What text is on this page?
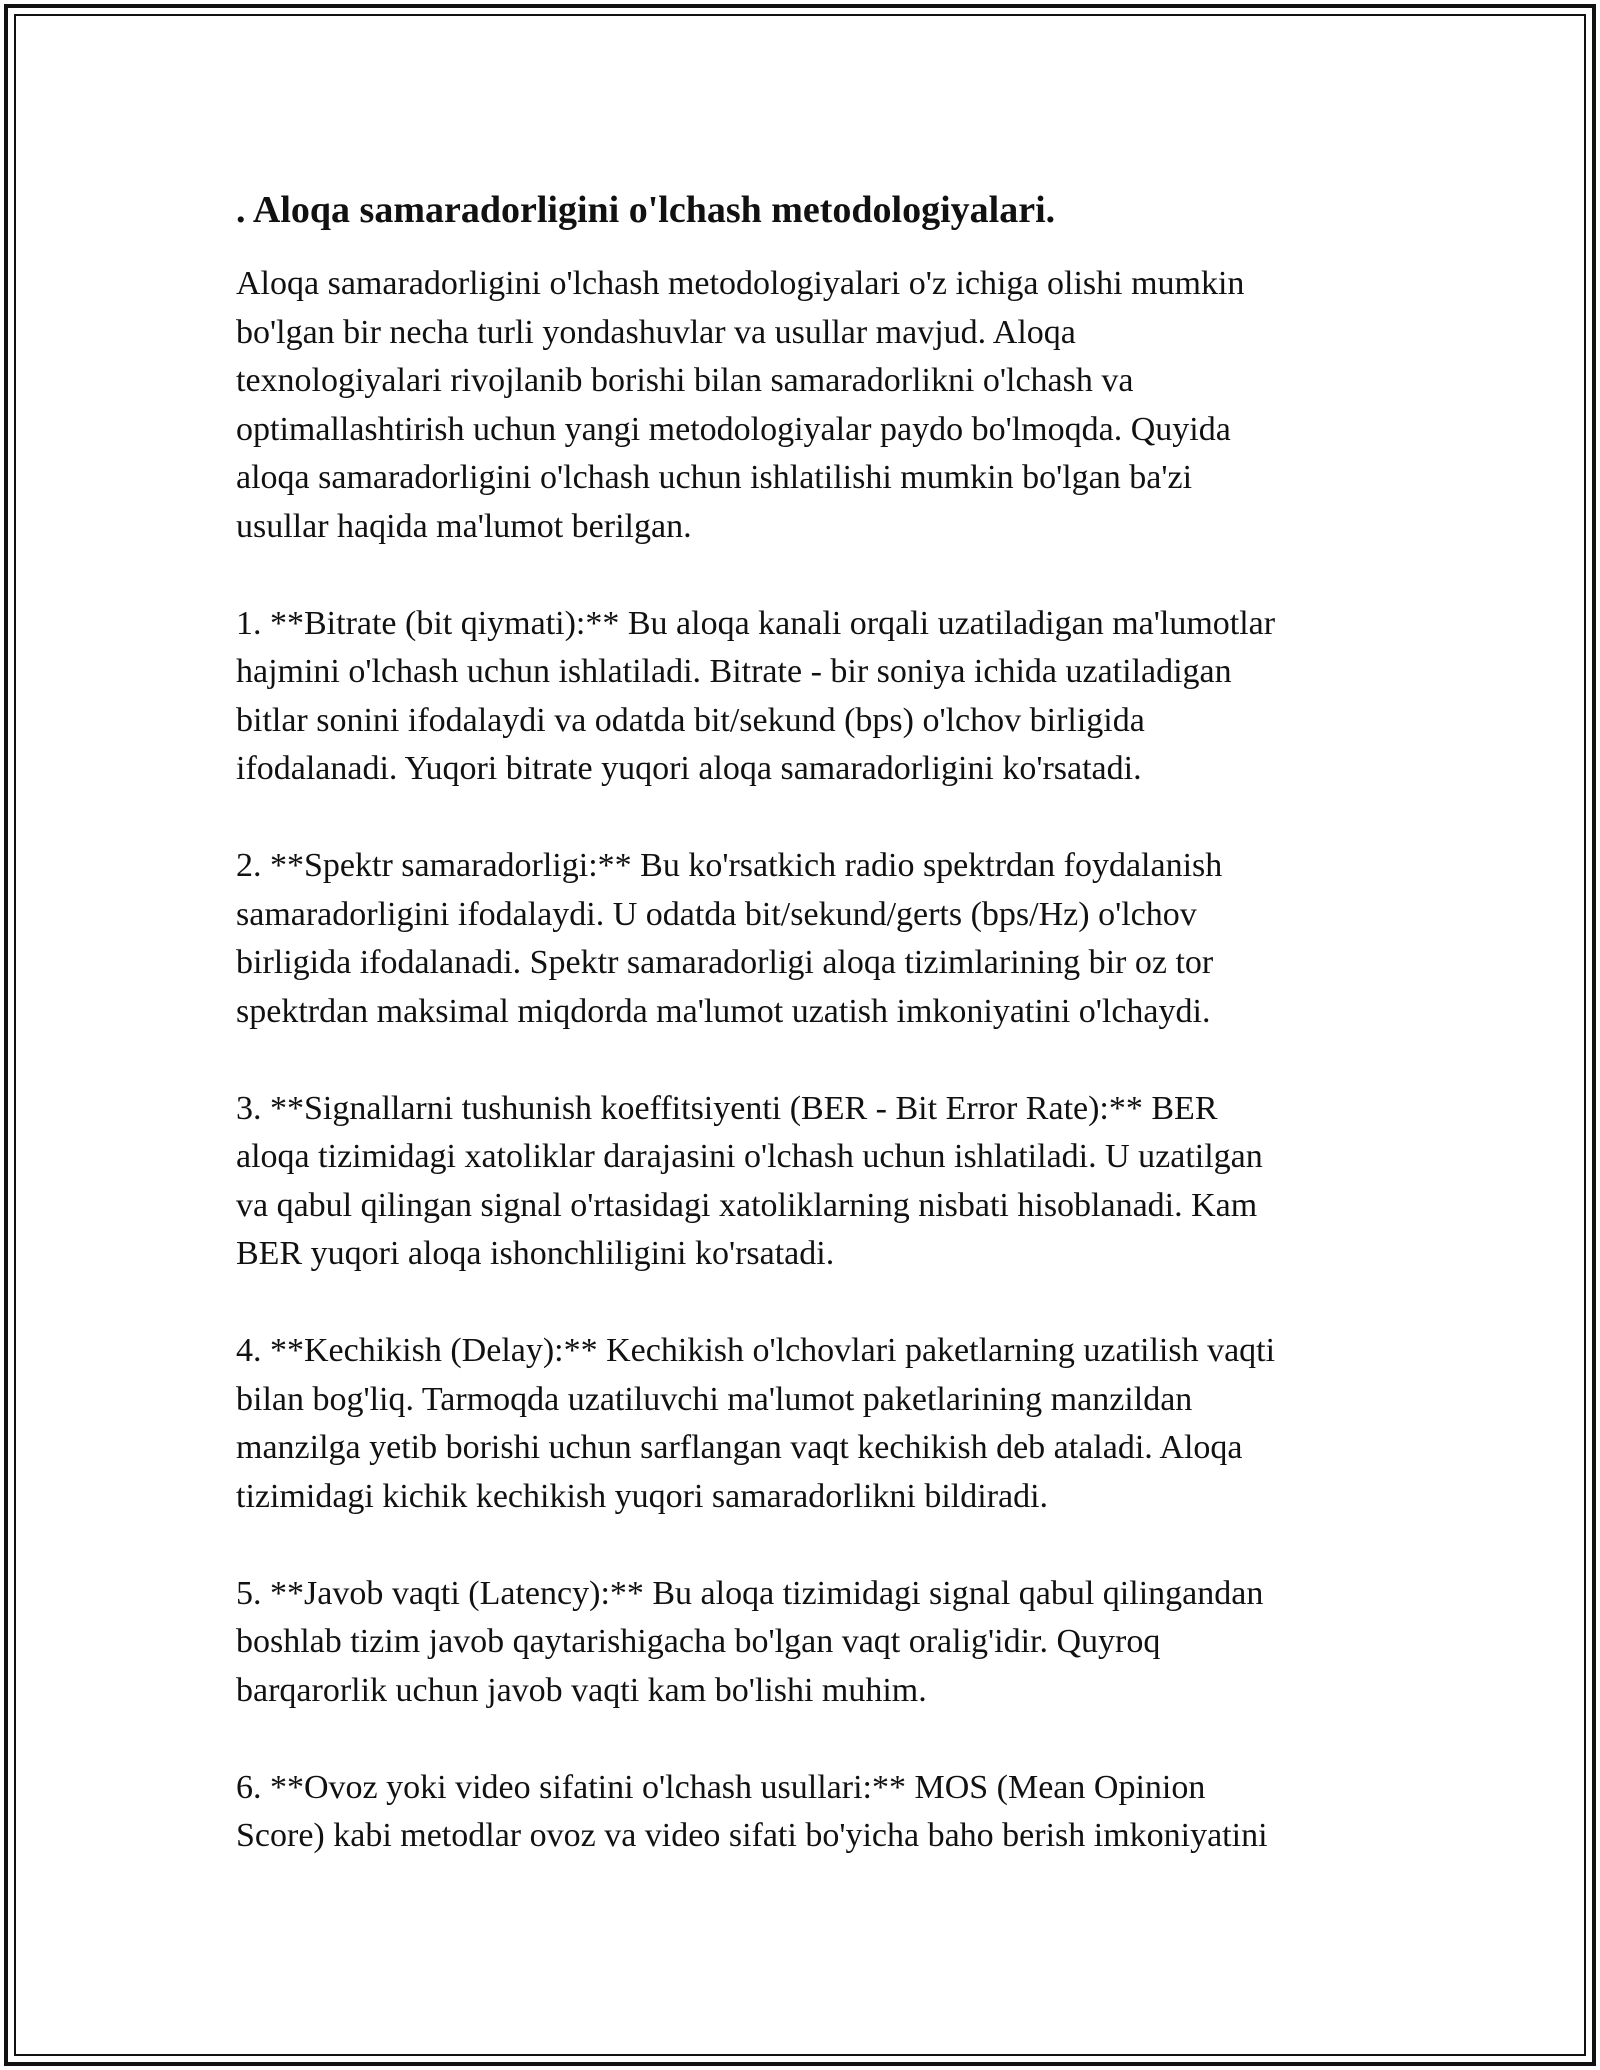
. Aloqa samaradorligini o'lchash metodologiyalari.

Aloqa samaradorligini o'lchash metodologiyalari o'z ichiga olishi mumkin

bo'lgan bir necha turli yondashuvlar va usullar mavjud. Aloqa

texnologiyalari rivojlanib borishi bilan samaradorlikni o'lchash va

optimallashtirish uchun yangi metodologiyalar paydo bo'lmoqda. Quyida

aloqa samaradorligini o'lchash uchun ishlatilishi mumkin bo'lgan ba'zi

usullar haqida ma'lumot berilgan.

1. **Bitrate (bit qiymati):** Bu aloqa kanali orqali uzatiladigan ma'lumotlar

hajmini o'lchash uchun ishlatiladi. Bitrate - bir soniya ichida uzatiladigan

bitlar sonini ifodalaydi va odatda bit/sekund (bps) o'lchov birligida

ifodalanadi. Yuqori bitrate yuqori aloqa samaradorligini ko'rsatadi.

2. **Spektr samaradorligi:** Bu ko'rsatkich radio spektrdan foydalanish

samaradorligini ifodalaydi. U odatda bit/sekund/gerts (bps/Hz) o'lchov

birligida ifodalanadi. Spektr samaradorligi aloqa tizimlarining bir oz tor

spektrdan maksimal miqdorda ma'lumot uzatish imkoniyatini o'lchaydi.

3. **Signallarni tushunish koeffitsiyenti (BER - Bit Error Rate):** BER

aloqa tizimidagi xatoliklar darajasini o'lchash uchun ishlatiladi. U uzatilgan

va qabul qilingan signal o'rtasidagi xatoliklarning nisbati hisoblanadi. Kam

BER yuqori aloqa ishonchliligini ko'rsatadi.

4. **Kechikish (Delay):** Kechikish o'lchovlari paketlarning uzatilish vaqti

bilan bog'liq. Tarmoqda uzatiluvchi ma'lumot paketlarining manzildan

manzilga yetib borishi uchun sarflangan vaqt kechikish deb ataladi. Aloqa

tizimidagi kichik kechikish yuqori samaradorlikni bildiradi.

5. **Javob vaqti (Latency):** Bu aloqa tizimidagi signal qabul qilingandan

boshlab tizim javob qaytarishigacha bo'lgan vaqt oralig'idir. Quyroq

barqarorlik uchun javob vaqti kam bo'lishi muhim.

6. **Ovoz yoki video sifatini o'lchash usullari:** MOS (Mean Opinion

Score) kabi metodlar ovoz va video sifati bo'yicha baho berish imkoniyatini
